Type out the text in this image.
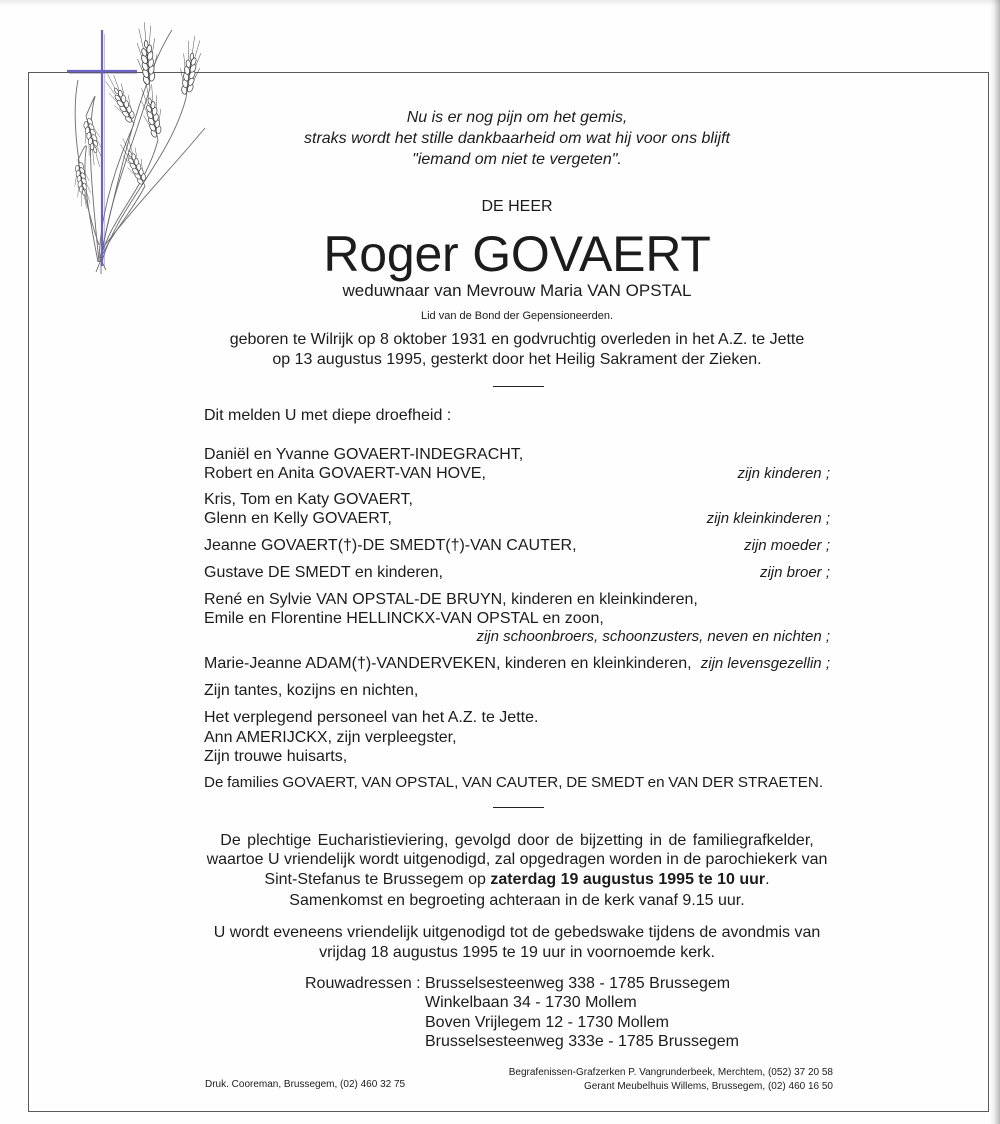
Nu is er nog pijn om het gemis,
straks wordt het stille dankbaarheid om wat hij voor ons blijft
"iemand om niet te vergeten".
DE HEER
Roger GOVAERT
weduwnaar van Mevrouw Maria VAN OPSTAL
Lid van de Bond der Gepensioneerden.
geboren te Wilrijk op 8 oktober 1931 en godvruchtig overleden in het A.Z. te Jette
op 13 augustus 1995, gesterkt door het Heilig Sakrament der Zieken.
Dit melden U met diepe droefheid :
Daniël en Yvanne GOVAERT-INDEGRACHT,
Robert en Anita GOVAERT-VAN HOVE,	zijn kinderen ;
Kris, Tom en Katy GOVAERT,
Glenn en Kelly GOVAERT,	zijn kleinkinderen ;
Jeanne GOVAERT(†)-DE SMEDT(†)-VAN CAUTER,	zijn moeder ;
Gustave DE SMEDT en kinderen,	zijn broer ;
René en Sylvie VAN OPSTAL-DE BRUYN, kinderen en kleinkinderen,
Emile en Florentine HELLINCKX-VAN OPSTAL en zoon,
zijn schoonbroers, schoonzusters, neven en nichten ;
Marie-Jeanne ADAM(†)-VANDERVEKEN, kinderen en kleinkinderen, zijn levensgezellin ;
Zijn tantes, kozijns en nichten,
Het verplegend personeel van het A.Z. te Jette.
Ann AMERIJCKX, zijn verpleegster,
Zijn trouwe huisarts,
De families GOVAERT, VAN OPSTAL, VAN CAUTER, DE SMEDT en VAN DER STRAETEN.
De plechtige Eucharistieviering, gevolgd door de bijzetting in de familiegrafkelder,
waartoe U vriendelijk wordt uitgenodigd, zal opgedragen worden in de parochiekerk van
Sint-Stefanus te Brussegem op zaterdag 19 augustus 1995 te 10 uur.
Samenkomst en begroeting achteraan in de kerk vanaf 9.15 uur.
U wordt eveneens vriendelijk uitgenodigd tot de gebedswake tijdens de avondmis van
vrijdag 18 augustus 1995 te 19 uur in voornoemde kerk.
Rouwadressen : Brusselsesteenweg 338 - 1785 Brussegem
Winkelbaan 34 - 1730 Mollem
Boven Vrijlegem 12 - 1730 Mollem
Brusselsesteenweg 333e - 1785 Brussegem
Druk. Cooreman, Brussegem, (02) 460 32 75
Begrafenissen-Grafzerken P. Vangrunderbeek, Merchtem, (052) 37 20 58
Gerant Meubelhuis Willems, Brussegem, (02) 460 16 50
